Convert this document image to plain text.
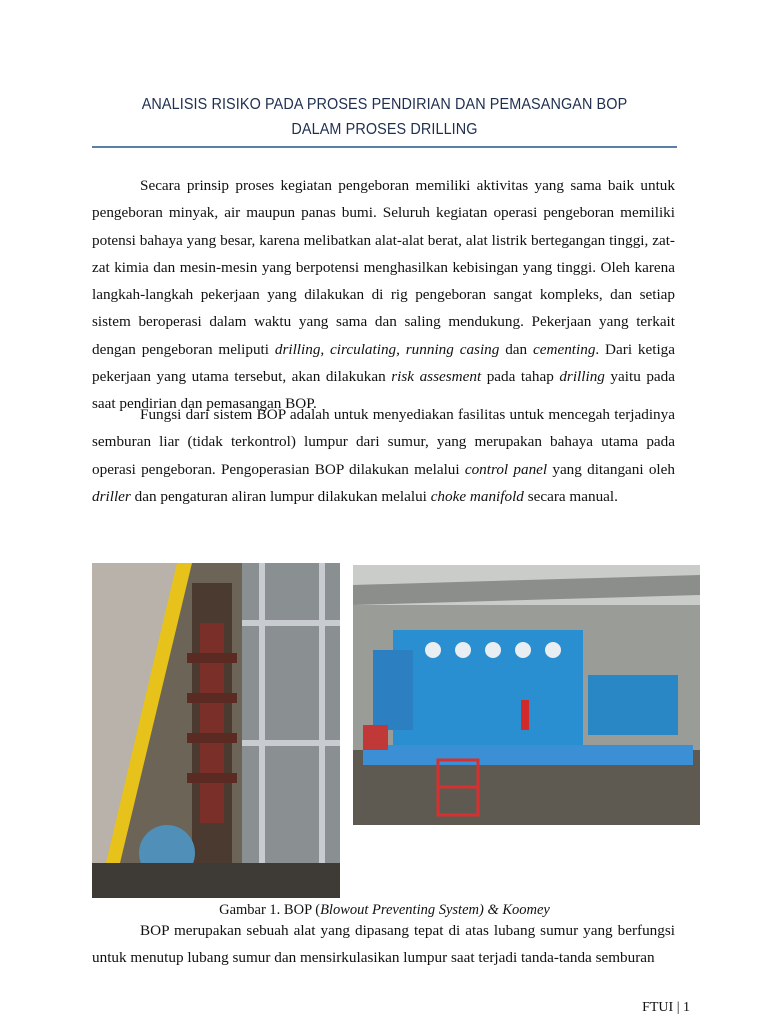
ANALISIS RISIKO PADA PROSES PENDIRIAN DAN PEMASANGAN BOP
DALAM PROSES DRILLING

Secara prinsip proses kegiatan pengeboran memiliki aktivitas yang sama baik untuk pengeboran minyak, air maupun panas bumi. Seluruh kegiatan operasi pengeboran memiliki potensi bahaya yang besar, karena melibatkan alat-alat berat, alat listrik bertegangan tinggi, zat-zat kimia dan mesin-mesin yang berpotensi menghasilkan kebisingan yang tinggi. Oleh karena langkah-langkah pekerjaan yang dilakukan di rig pengeboran sangat kompleks, dan setiap sistem beroperasi dalam waktu yang sama dan saling mendukung. Pekerjaan yang terkait dengan pengeboran meliputi drilling, circulating, running casing dan cementing. Dari ketiga pekerjaan yang utama tersebut, akan dilakukan risk assesment pada tahap drilling yaitu pada saat pendirian dan pemasangan BOP.

Fungsi dari sistem BOP adalah untuk menyediakan fasilitas untuk mencegah terjadinya semburan liar (tidak terkontrol) lumpur dari sumur, yang merupakan bahaya utama pada operasi pengeboran. Pengoperasian BOP dilakukan melalui control panel yang ditangani oleh driller dan pengaturan aliran lumpur dilakukan melalui choke manifold secara manual.

Gambar 1. BOP (Blowout Preventing System) & Koomey

BOP merupakan sebuah alat yang dipasang tepat di atas lubang sumur yang berfungsi untuk menutup lubang sumur dan mensirkulasikan lumpur saat terjadi tanda-tanda semburan

FTUI | 1
